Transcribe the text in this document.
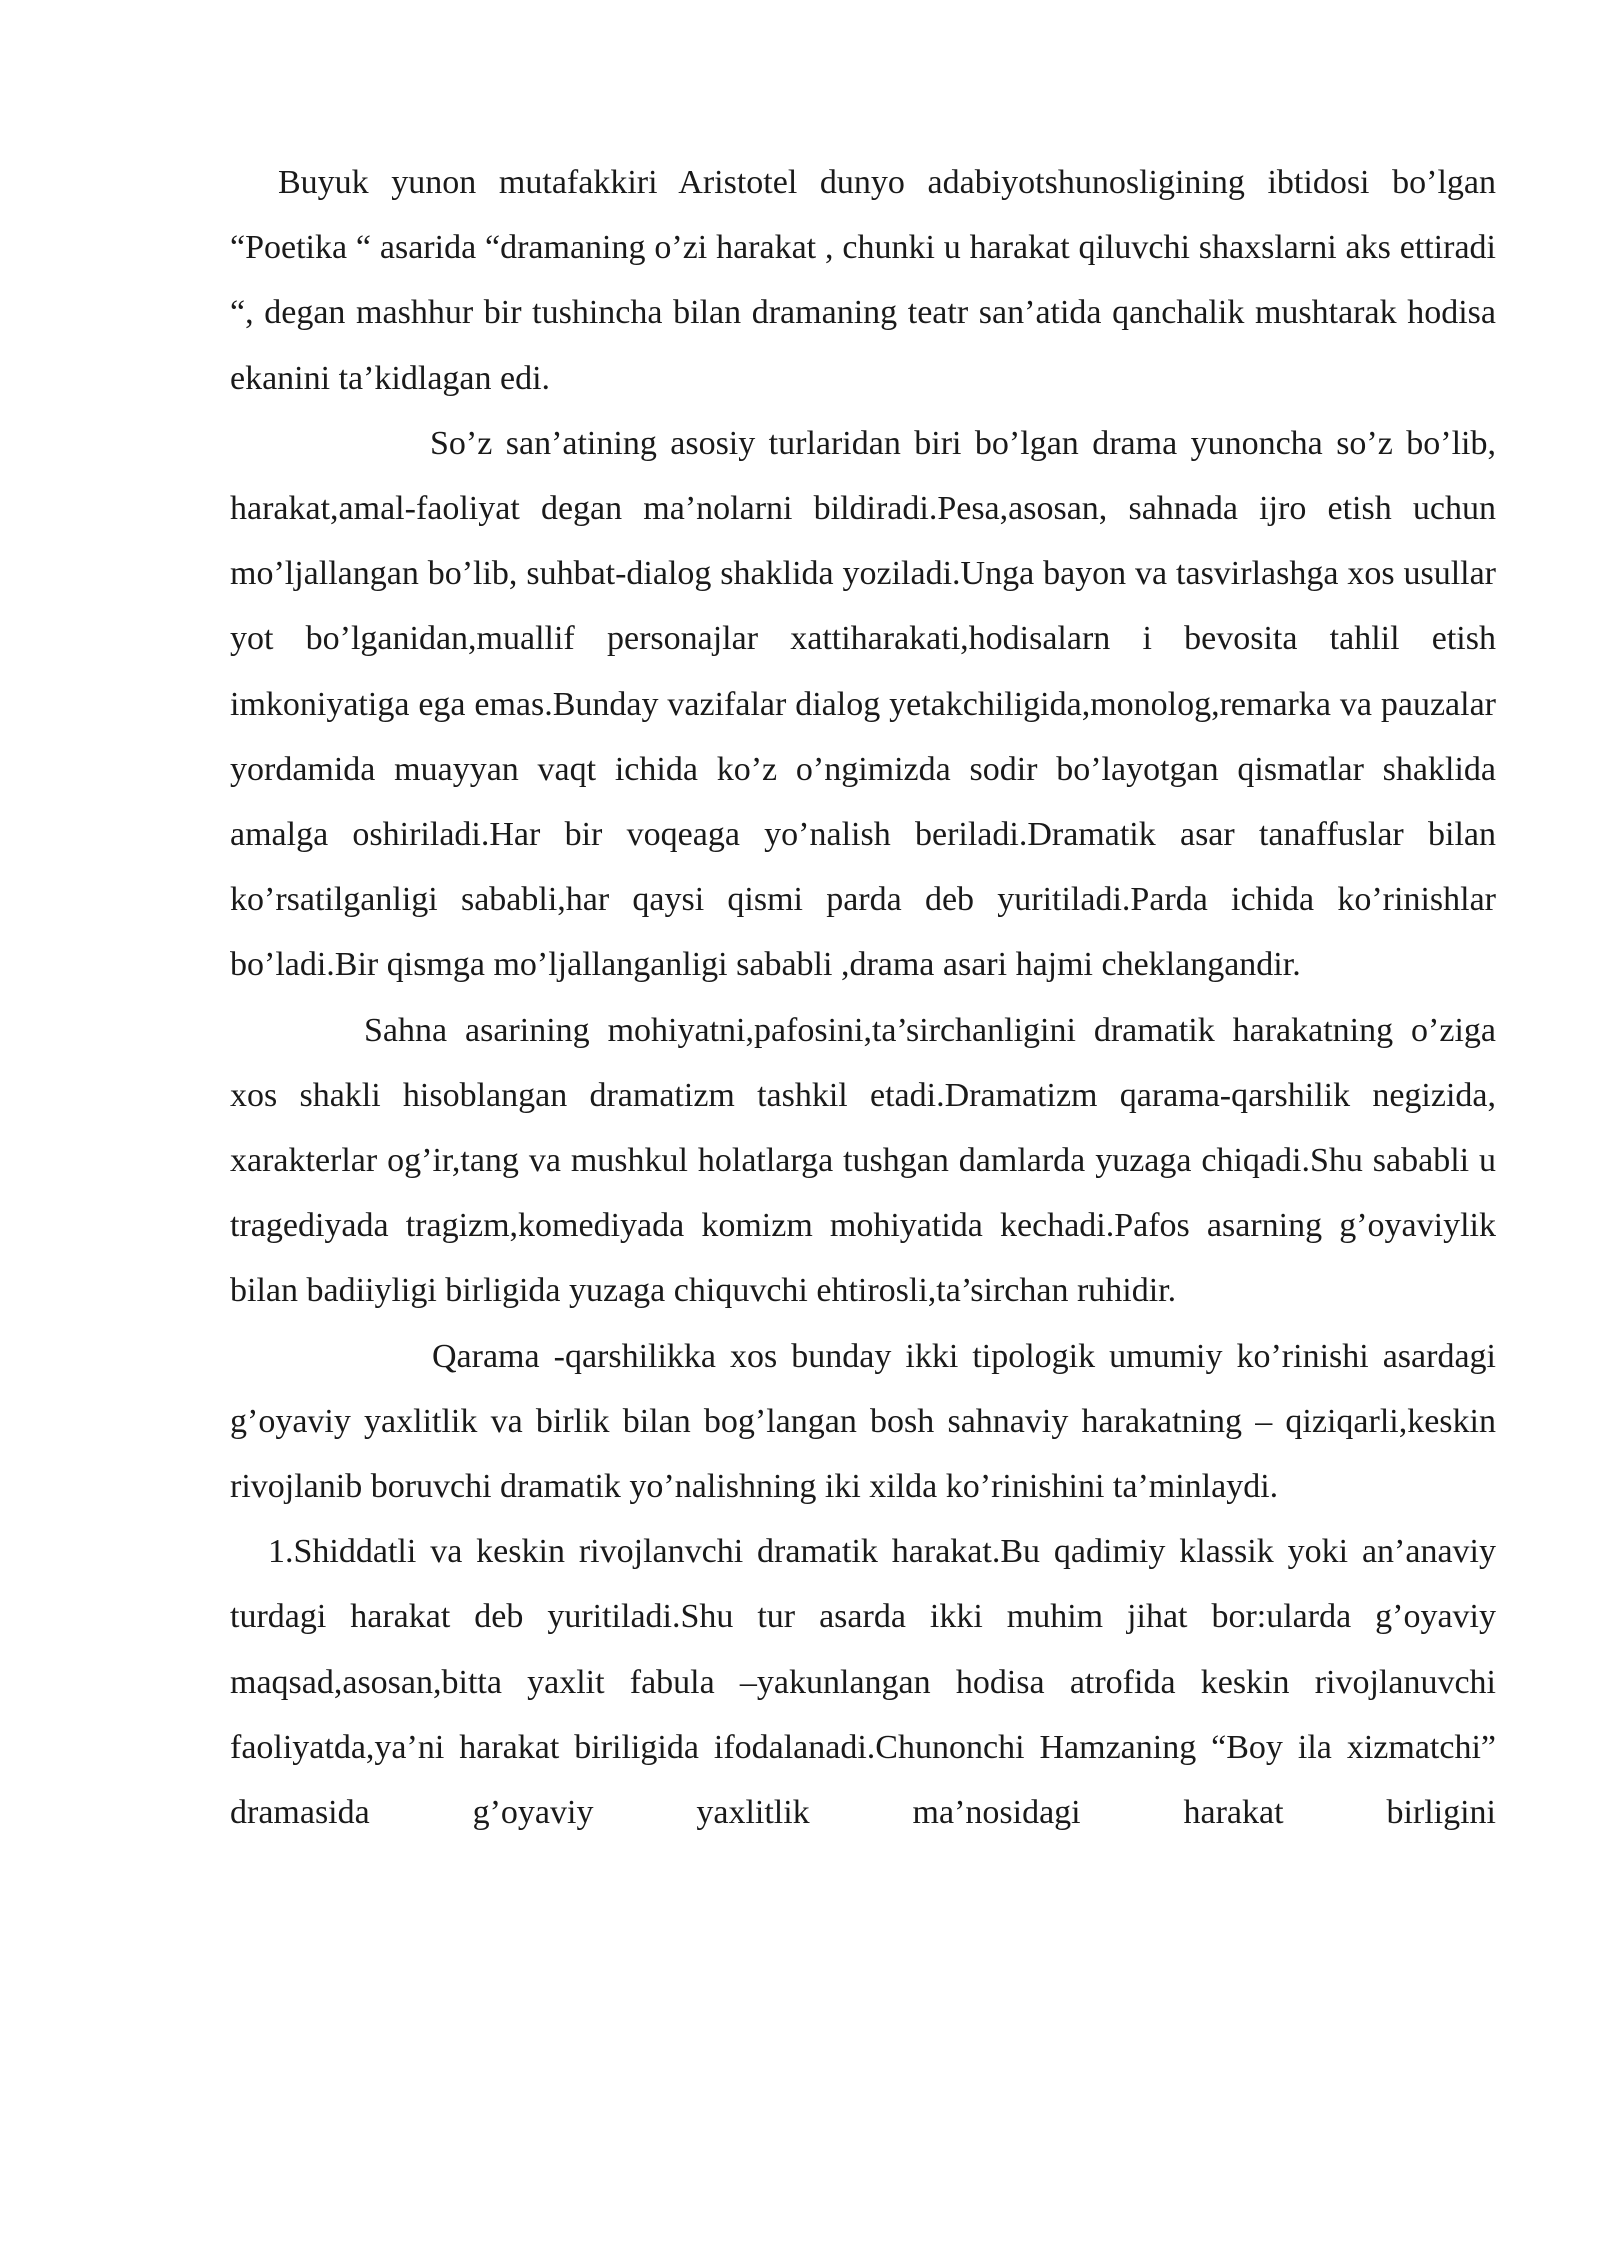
Buyuk yunon mutafakkiri Aristotel dunyo adabiyotshunosligining ibtidosi bo’lgan “Poetika “ asarida “dramaning o’zi harakat , chunki u harakat qiluvchi shaxslarni aks ettiradi “, degan mashhur bir tushincha bilan dramaning teatr san’atida qanchalik mushtarak hodisa ekanini ta’kidlagan edi.

So’z san’atining asosiy turlaridan biri bo’lgan drama yunoncha so’z bo’lib, harakat,amal-faoliyat degan ma’nolarni bildiradi.Pesa,asosan, sahnada ijro etish uchun mo’ljallangan bo’lib, suhbat-dialog shaklida yoziladi.Unga bayon va tasvirlashga xos usullar yot bo’lganidan,muallif personajlar xattiharakati,hodisalarn i bevosita tahlil etish imkoniyatiga ega emas.Bunday vazifalar dialog yetakchiligida,monolog,remarka va pauzalar yordamida muayyan vaqt ichida ko’z o’ngimizda sodir bo’layotgan qismatlar shaklida amalga oshiriladi.Har bir voqeaga yo’nalish beriladi.Dramatik asar tanaffuslar bilan ko’rsatilganligi sababli,har qaysi qismi parda deb yuritiladi.Parda ichida ko’rinishlar bo’ladi.Bir qismga mo’ljallanganligi sababli ,drama asari hajmi cheklangandir.

Sahna asarining mohiyatni,pafosini,ta’sirchanligini dramatik harakatning o’ziga xos shakli hisoblangan dramatizm tashkil etadi.Dramatizm qarama-qarshilik negizida, xarakterlar og’ir,tang va mushkul holatlarga tushgan damlarda yuzaga chiqadi.Shu sababli u tragediyada tragizm,komediyada komizm mohiyatida kechadi.Pafos asarning g’oyaviylik bilan badiiyligi birligida yuzaga chiquvchi ehtirosli,ta’sirchan ruhidir.

Qarama -qarshilikka xos bunday ikki tipologik umumiy ko’rinishi asardagi g’oyaviy yaxlitlik va birlik bilan bog’langan bosh sahnaviy harakatning – qiziqarli,keskin rivojlanib boruvchi dramatik yo’nalishning iki xilda ko’rinishini ta’minlaydi.

1.Shiddatli va keskin rivojlanvchi dramatik harakat.Bu qadimiy klassik yoki an’anaviy turdagi harakat deb yuritiladi.Shu tur asarda ikki muhim jihat bor:ularda g’oyaviy maqsad,asosan,bitta yaxlit fabula –yakunlangan hodisa atrofida keskin rivojlanuvchi faoliyatda,ya’ni harakat biriligida ifodalanadi.Chunonchi Hamzaning “Boy ila xizmatchi” dramasida g’oyaviy yaxlitlik ma’nosidagi harakat birligini
